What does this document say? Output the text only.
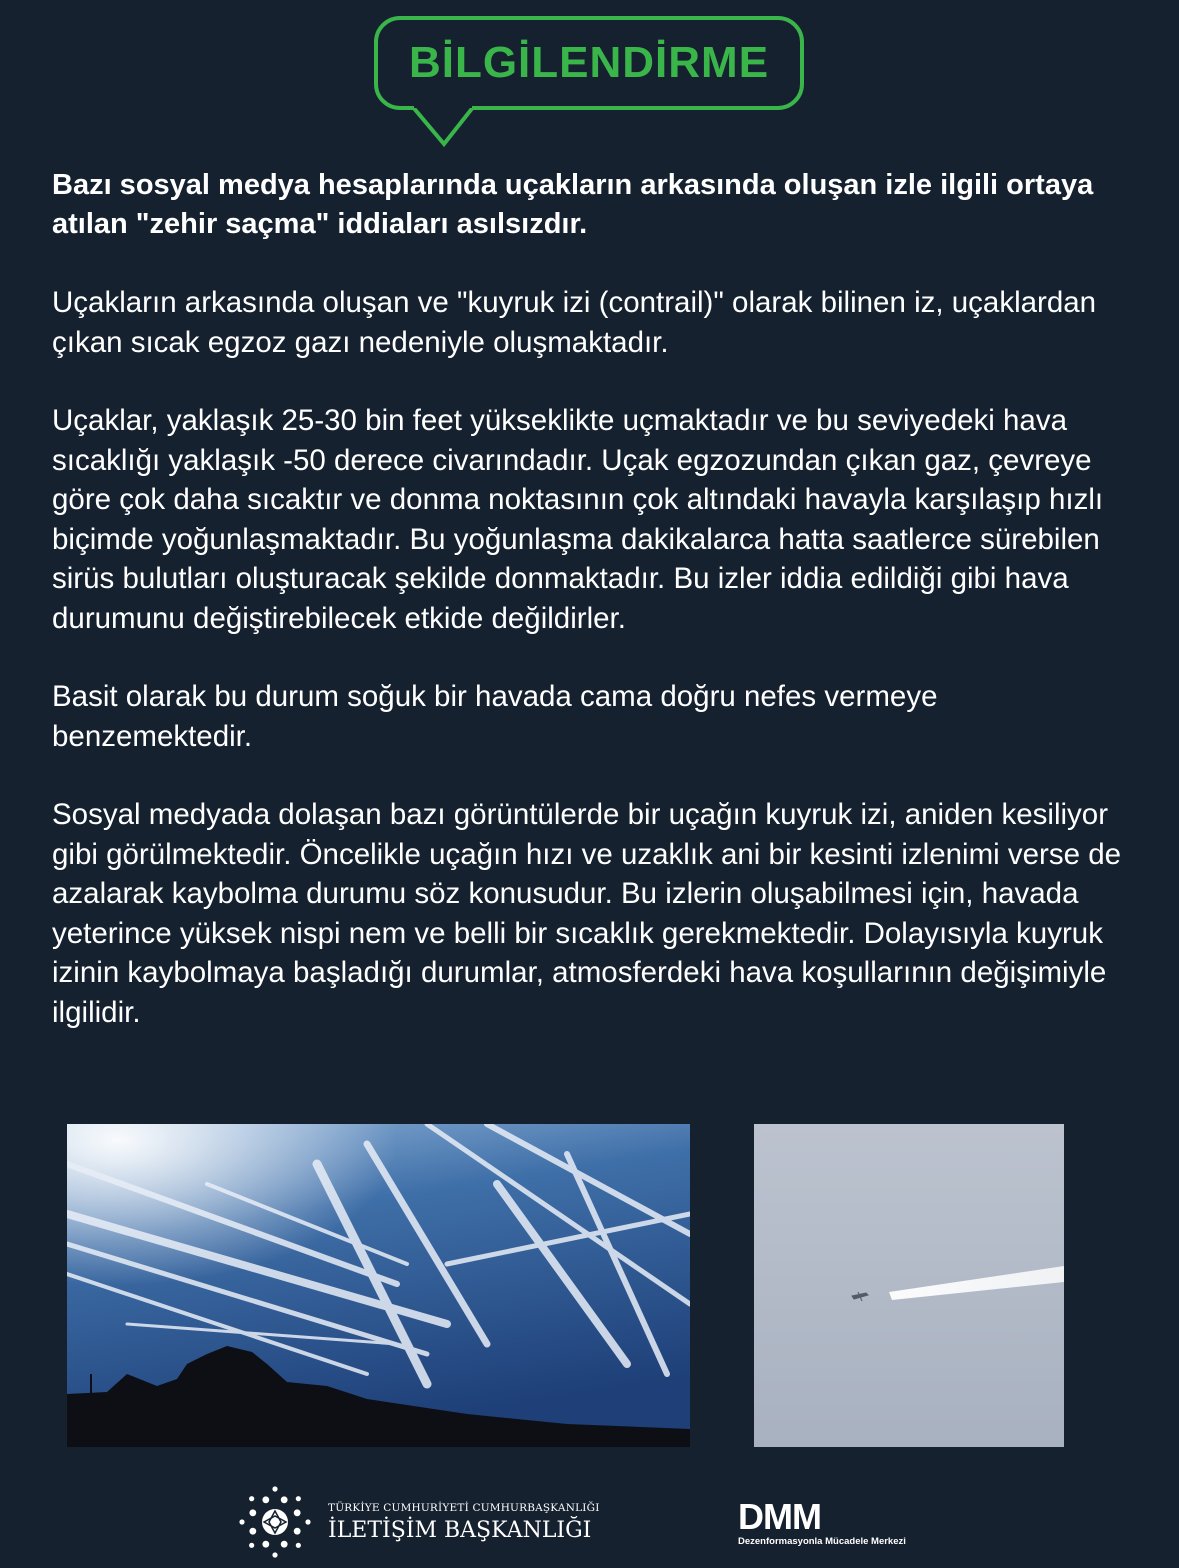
BİLGİLENDİRME

Bazı sosyal medya hesaplarında uçakların arkasında oluşan izle ilgili ortaya atılan "zehir saçma" iddiaları asılsızdır.

Uçakların arkasında oluşan ve "kuyruk izi (contrail)" olarak bilinen iz, uçaklardan çıkan sıcak egzoz gazı nedeniyle oluşmaktadır.

Uçaklar, yaklaşık 25-30 bin feet yükseklikte uçmaktadır ve bu seviyedeki hava sıcaklığı yaklaşık -50 derece civarındadır. Uçak egzozundan çıkan gaz, çevreye göre çok daha sıcaktır ve donma noktasının çok altındaki havayla karşılaşıp hızlı biçimde yoğunlaşmaktadır. Bu yoğunlaşma dakikalarca hatta saatlerce sürebilen sirüs bulutları oluşturacak şekilde donmaktadır. Bu izler iddia edildiği gibi hava durumunu değiştirebilecek etkide değildirler.

Basit olarak bu durum soğuk bir havada cama doğru nefes vermeye benzemektedir.

Sosyal medyada dolaşan bazı görüntülerde bir uçağın kuyruk izi, aniden kesiliyor gibi görülmektedir. Öncelikle uçağın hızı ve uzaklık ani bir kesinti izlenimi verse de azalarak kaybolma durumu söz konusudur. Bu izlerin oluşabilmesi için, havada yeterince yüksek nispi nem ve belli bir sıcaklık gerekmektedir. Dolayısıyla kuyruk izinin kaybolmaya başladığı durumlar, atmosferdeki hava koşullarının değişimiyle ilgilidir.

TÜRKİYE CUMHURİYETİ CUMHURBAŞKANLIĞI
İLETİŞİM BAŞKANLIĞI	DMM
Dezenformasyonla Mücadele Merkezi
